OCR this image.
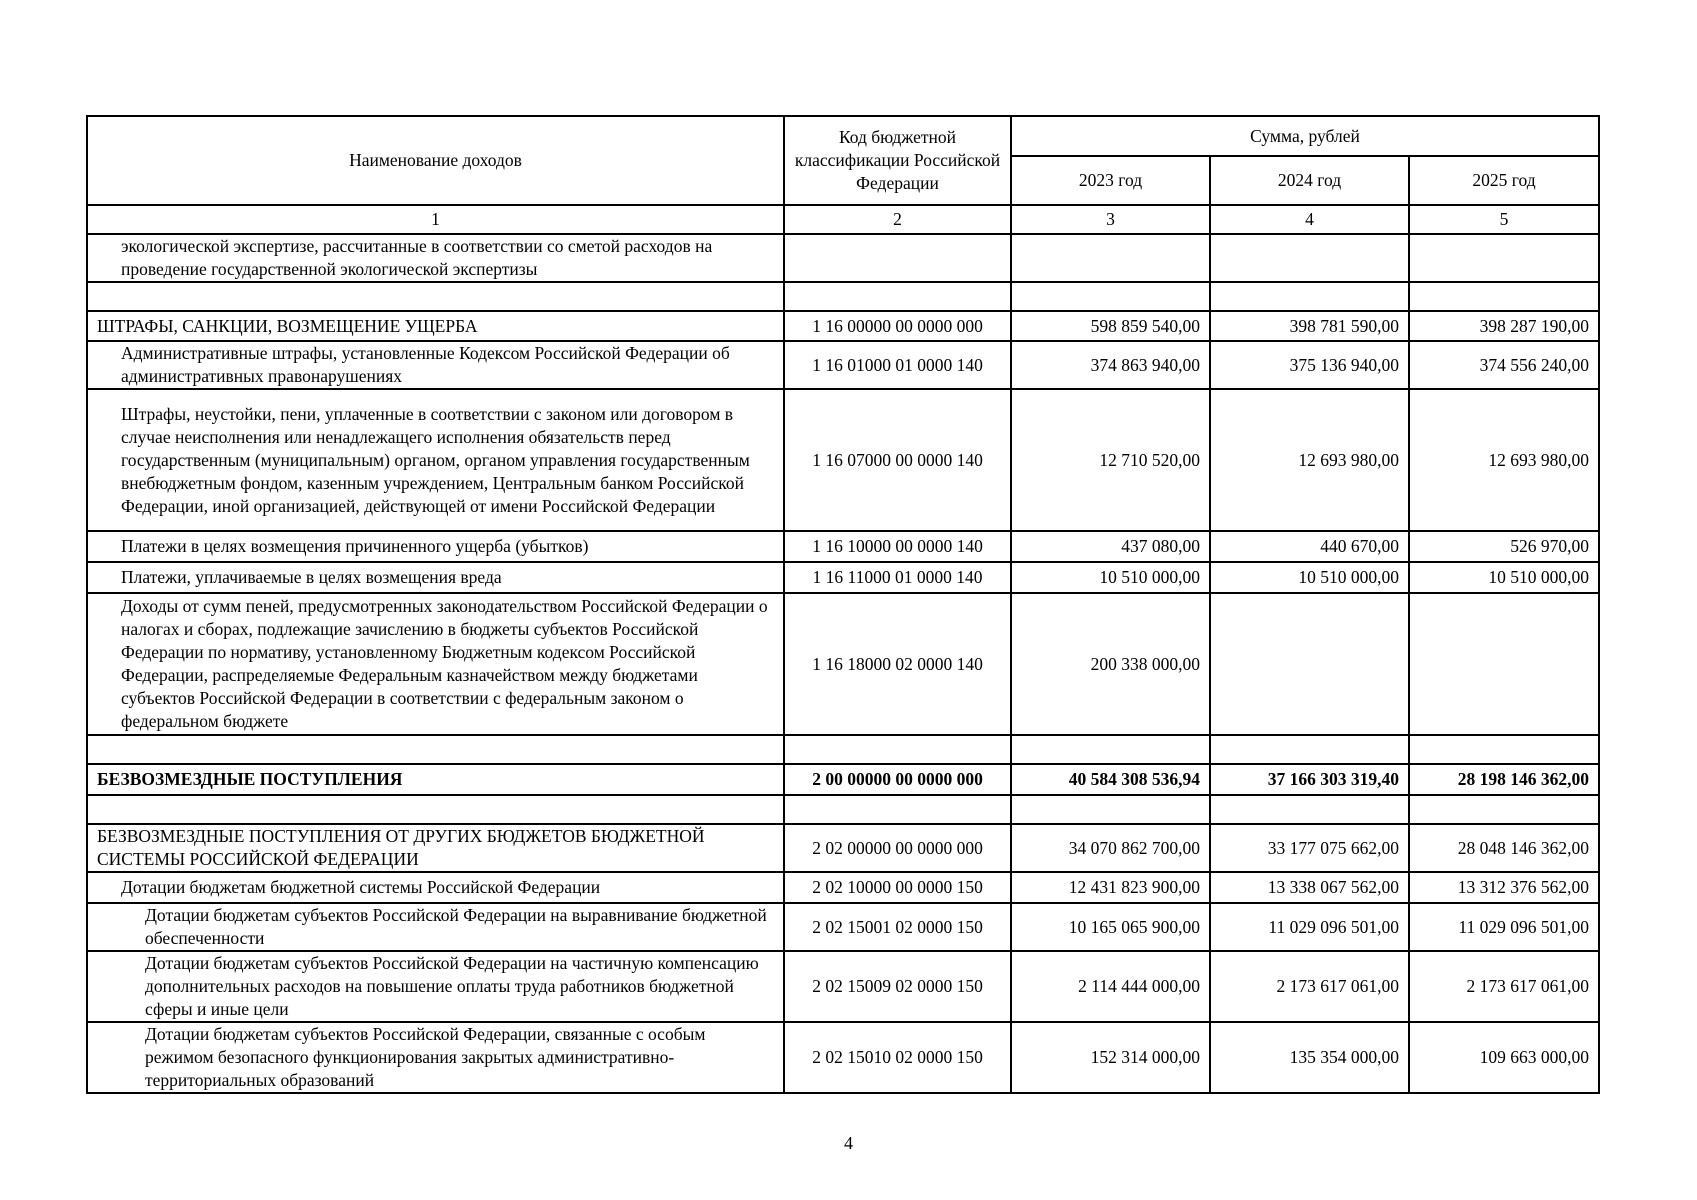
Наименование доходов	Код бюджетной классификации Российской Федерации	Сумма, рублей		
		2023 год	2024 год	2025 год
1	2	3	4	5

экологической экспертизе, рассчитанные в соответствии со сметой расходов на проведение государственной экологической экспертизы				

ШТРАФЫ, САНКЦИИ, ВОЗМЕЩЕНИЕ УЩЕРБА	1 16 00000 00 0000 000	598 859 540,00	398 781 590,00	398 287 190,00

Административные штрафы, установленные Кодексом Российской Федерации об административных правонарушениях	1 16 01000 01 0000 140	374 863 940,00	375 136 940,00	374 556 240,00

Штрафы, неустойки, пени, уплаченные в соответствии с законом или договором в случае неисполнения или ненадлежащего исполнения обязательств перед государственным (муниципальным) органом, органом управления государственным внебюджетным фондом, казенным учреждением, Центральным банком Российской Федерации, иной организацией, действующей от имени Российской Федерации	1 16 07000 00 0000 140	12 710 520,00	12 693 980,00	12 693 980,00

Платежи в целях возмещения причиненного ущерба (убытков)	1 16 10000 00 0000 140	437 080,00	440 670,00	526 970,00

Платежи, уплачиваемые в целях возмещения вреда	1 16 11000 01 0000 140	10 510 000,00	10 510 000,00	10 510 000,00

Доходы от сумм пеней, предусмотренных законодательством Российской Федерации о налогах и сборах, подлежащие зачислению в бюджеты субъектов Российской Федерации по нормативу, установленному Бюджетным кодексом Российской Федерации, распределяемые Федеральным казначейством между бюджетами субъектов Российской Федерации в соответствии с федеральным законом о федеральном бюджете	1 16 18000 02 0000 140	200 338 000,00		

БЕЗВОЗМЕЗДНЫЕ ПОСТУПЛЕНИЯ	2 00 00000 00 0000 000	40 584 308 536,94	37 166 303 319,40	28 198 146 362,00

БЕЗВОЗМЕЗДНЫЕ ПОСТУПЛЕНИЯ ОТ ДРУГИХ БЮДЖЕТОВ БЮДЖЕТНОЙ СИСТЕМЫ РОССИЙСКОЙ ФЕДЕРАЦИИ	2 02 00000 00 0000 000	34 070 862 700,00	33 177 075 662,00	28 048 146 362,00

Дотации бюджетам бюджетной системы Российской Федерации	2 02 10000 00 0000 150	12 431 823 900,00	13 338 067 562,00	13 312 376 562,00

Дотации бюджетам субъектов Российской Федерации на выравнивание бюджетной обеспеченности	2 02 15001 02 0000 150	10 165 065 900,00	11 029 096 501,00	11 029 096 501,00

Дотации бюджетам субъектов Российской Федерации на частичную компенсацию дополнительных расходов на повышение оплаты труда работников бюджетной сферы и иные цели	2 02 15009 02 0000 150	2 114 444 000,00	2 173 617 061,00	2 173 617 061,00

Дотации бюджетам субъектов Российской Федерации, связанные с особым режимом безопасного функционирования закрытых административно-территориальных образований	2 02 15010 02 0000 150	152 314 000,00	135 354 000,00	109 663 000,00
4
